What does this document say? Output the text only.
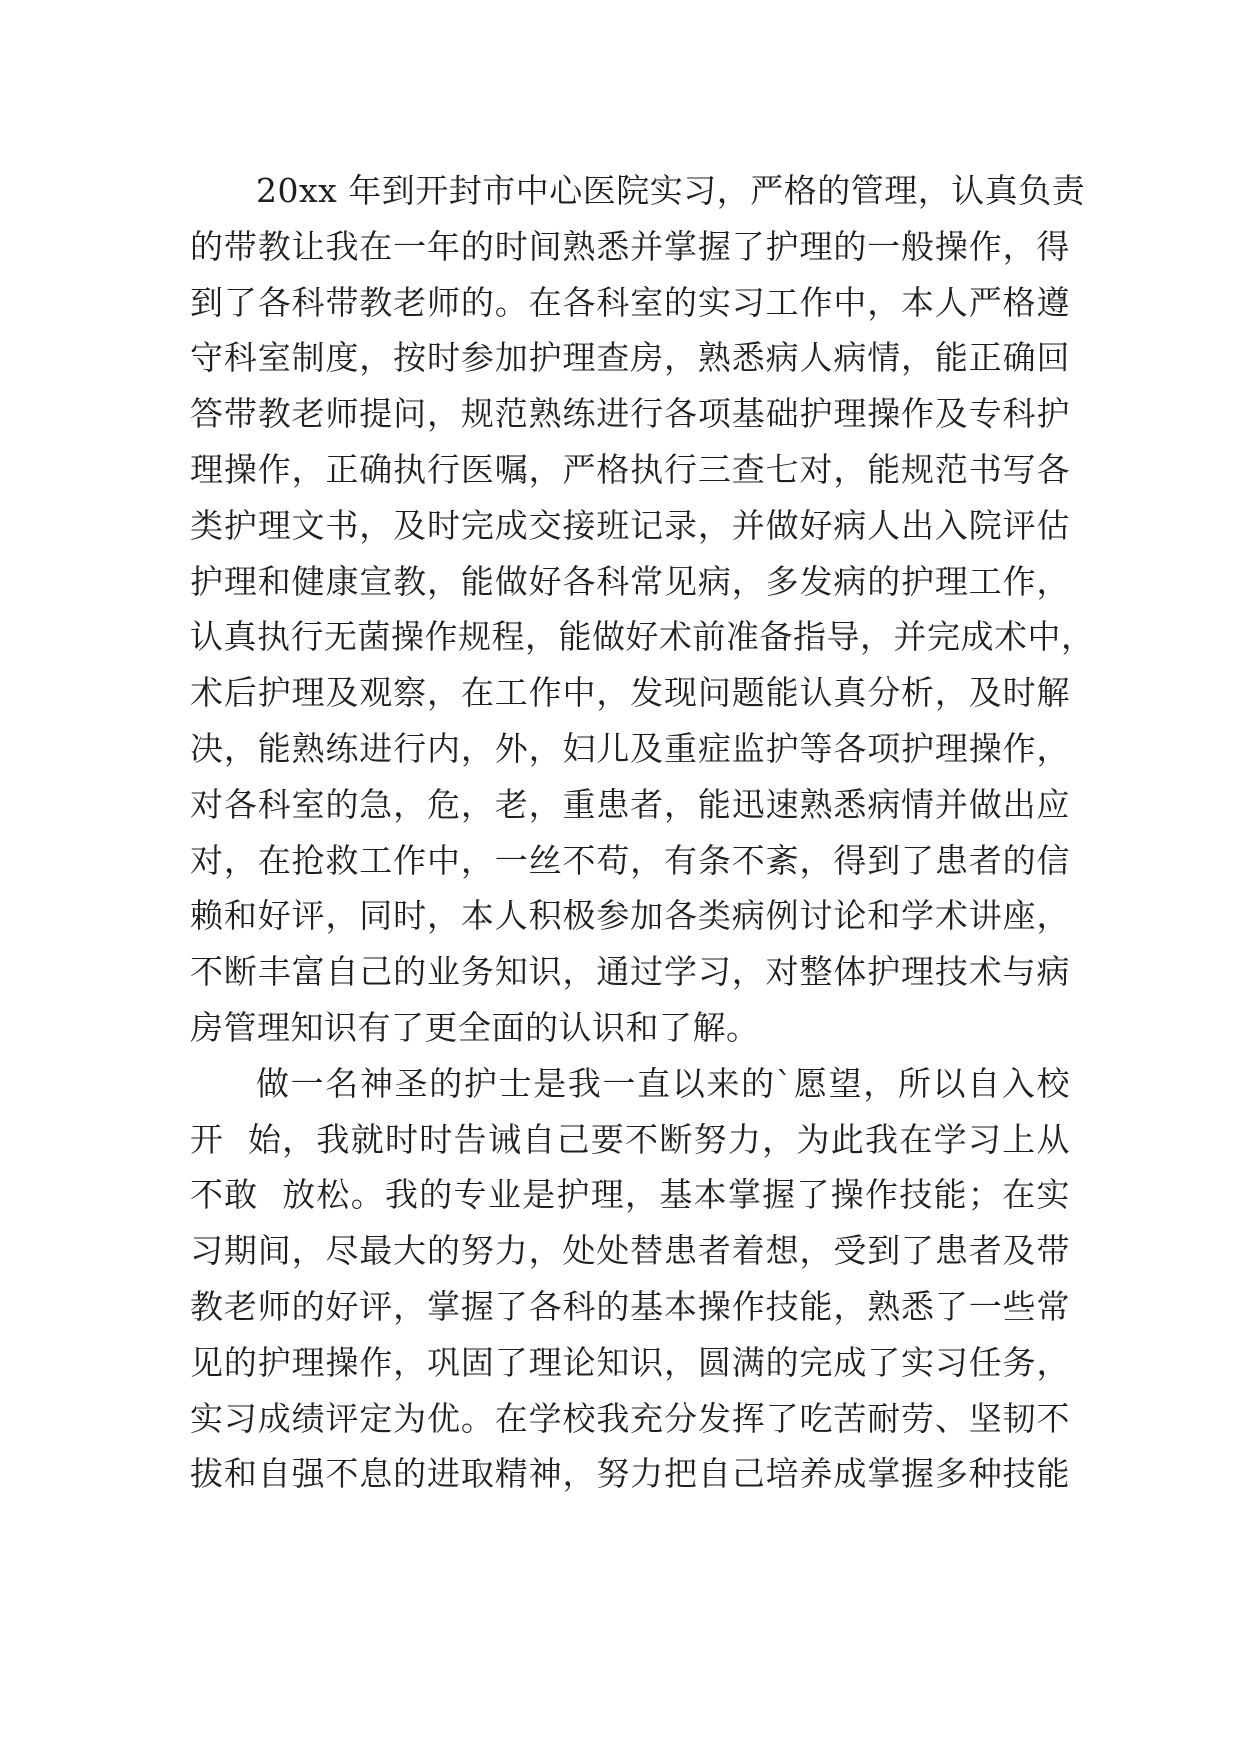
20xx 年到开封市中心医院实习，严格的管理，认真负责
的带教让我在一年的时间熟悉并掌握了护理的一般操作，得
到了各科带教老师的。在各科室的实习工作中，本人严格遵
守科室制度，按时参加护理查房，熟悉病人病情，能正确回
答带教老师提问，规范熟练进行各项基础护理操作及专科护
理操作，正确执行医嘱，严格执行三查七对，能规范书写各
类护理文书，及时完成交接班记录，并做好病人出入院评估
护理和健康宣教，能做好各科常见病，多发病的护理工作，
认真执行无菌操作规程，能做好术前准备指导，并完成术中，
术后护理及观察，在工作中，发现问题能认真分析，及时解
决，能熟练进行内，外，妇儿及重症监护等各项护理操作，
对各科室的急，危，老，重患者，能迅速熟悉病情并做出应
对，在抢救工作中，一丝不苟，有条不紊，得到了患者的信
赖和好评，同时，本人积极参加各类病例讨论和学术讲座，
不断丰富自己的业务知识，通过学习，对整体护理技术与病
房管理知识有了更全面的认识和了解。
做一名神圣的护士是我一直以来的`愿望，所以自入校
开  始，我就时时告诫自己要不断努力，为此我在学习上从
不敢  放松。我的专业是护理，基本掌握了操作技能；在实
习期间，尽最大的努力，处处替患者着想，受到了患者及带
教老师的好评，掌握了各科的基本操作技能，熟悉了一些常
见的护理操作，巩固了理论知识，圆满的完成了实习任务，
实习成绩评定为优。在学校我充分发挥了吃苦耐劳、坚韧不
拔和自强不息的进取精神，努力把自己培养成掌握多种技能
